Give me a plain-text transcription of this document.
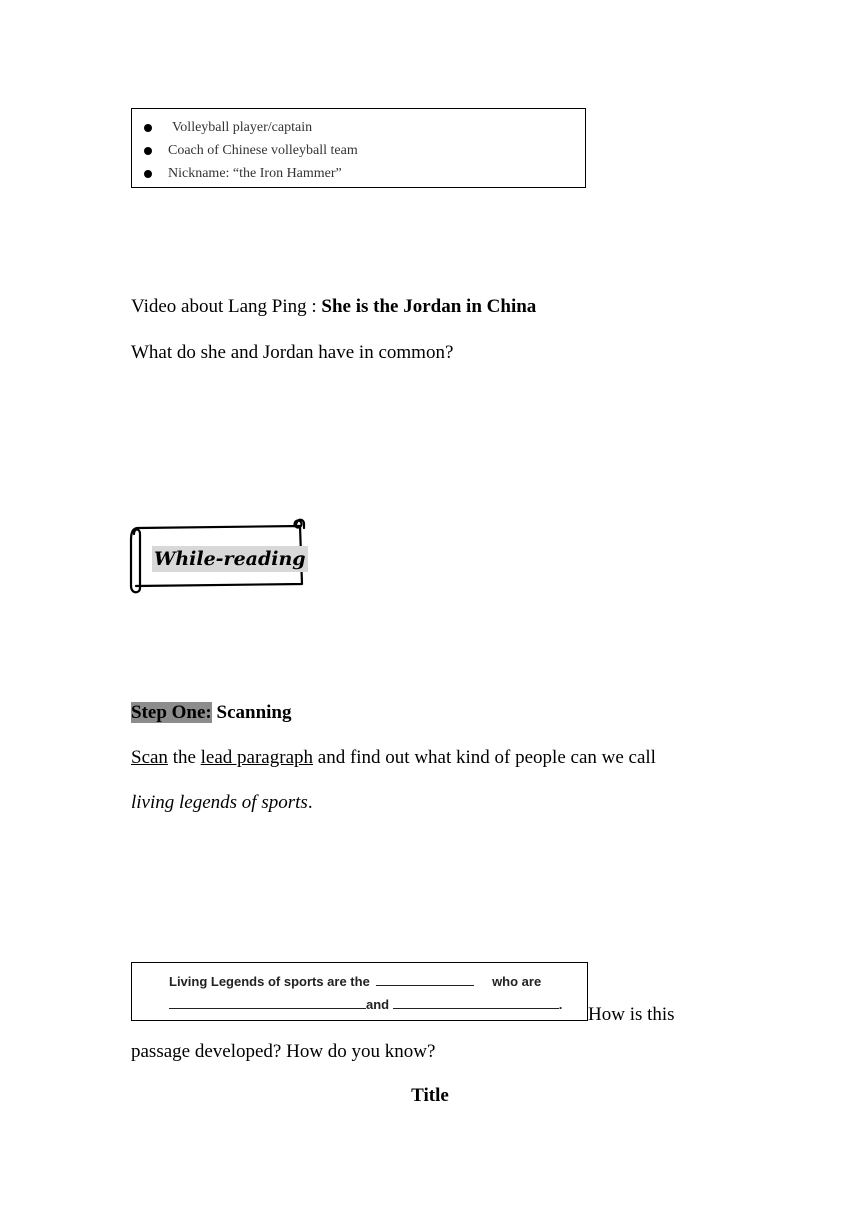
Volleyball player/captain
Coach of Chinese volleyball team
Nickname: “the Iron Hammer”
Video about Lang Ping : She is the Jordan in China
What do she and Jordan have in common?
While-reading
Step One: Scanning
Scan the lead paragraph and find out what kind of people can we call
living legends of sports.
Living Legends of sports are the	who are
and	. How is this
passage developed? How do you know?
Title
